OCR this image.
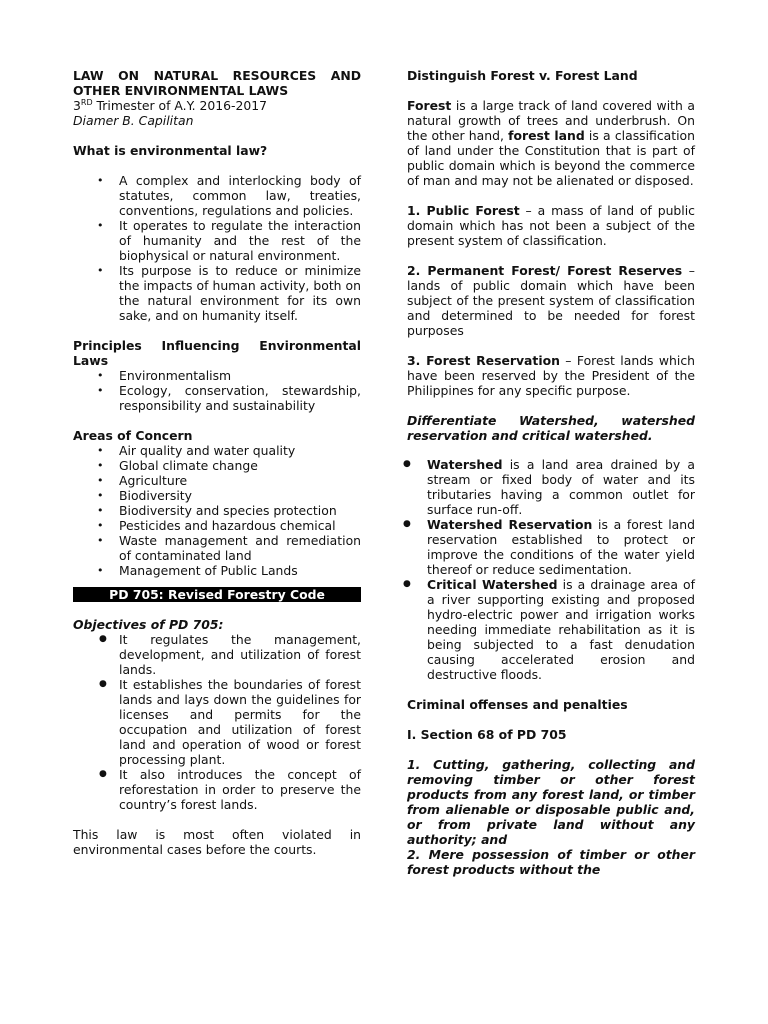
LAW ON NATURAL RESOURCES AND OTHER ENVIRONMENTAL LAWS

3RD Trimester of A.Y. 2016-2017

Diamer B. Capilitan

What is environmental law?

• A complex and interlocking body of statutes, common law, treaties, conventions, regulations and policies.
• It operates to regulate the interaction of humanity and the rest of the biophysical or natural environment.
• Its purpose is to reduce or minimize the impacts of human activity, both on the natural environment for its own sake, and on humanity itself.

Principles Influencing Environmental Laws

• Environmentalism
• Ecology, conservation, stewardship, responsibility and sustainability

Areas of Concern

• Air quality and water quality
• Global climate change
• Agriculture
• Biodiversity
• Biodiversity and species protection
• Pesticides and hazardous chemical
• Waste management and remediation of contaminated land
• Management of Public Lands
PD 705: Revised Forestry Code

Objectives of PD 705:

● It regulates the management, development, and utilization of forest lands.
● It establishes the boundaries of forest lands and lays down the guidelines for licenses and permits for the occupation and utilization of forest land and operation of wood or forest processing plant.
● It also introduces the concept of reforestation in order to preserve the country’s forest lands.

This law is most often violated in environmental cases before the courts.

Distinguish Forest v. Forest Land

Forest is a large track of land covered with a natural growth of trees and underbrush. On the other hand, forest land is a classification of land under the Constitution that is part of public domain which is beyond the commerce of man and may not be alienated or disposed.

1. Public Forest – a mass of land of public domain which has not been a subject of the present system of classification.

2. Permanent Forest/ Forest Reserves – lands of public domain which have been subject of the present system of classification and determined to be needed for forest purposes

3. Forest Reservation – Forest lands which have been reserved by the President of the Philippines for any specific purpose.

Differentiate Watershed, watershed reservation and critical watershed.

● Watershed is a land area drained by a stream or fixed body of water and its tributaries having a common outlet for surface run-off.
● Watershed Reservation is a forest land reservation established to protect or improve the conditions of the water yield thereof or reduce sedimentation.
● Critical Watershed is a drainage area of a river supporting existing and proposed hydro-electric power and irrigation works needing immediate rehabilitation as it is being subjected to a fast denudation causing accelerated erosion and destructive floods.

Criminal offenses and penalties

I. Section 68 of PD 705

1. Cutting, gathering, collecting and removing timber or other forest products from any forest land, or timber from alienable or disposable public and, or from private land without any authority; and

2. Mere possession of timber or other forest products without the
